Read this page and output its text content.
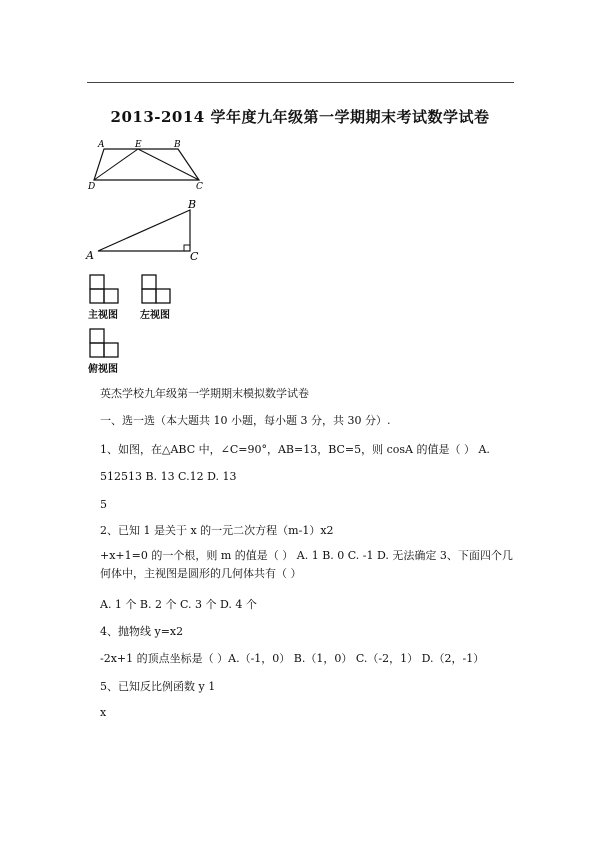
2013-2014 学年度九年级第一学期期末考试数学试卷
A	E	B
D	C
A
B
C
主视图 左视图
俯视图
英杰学校九年级第一学期期末模拟数学试卷
一、选一选（本大题共 10 小题，每小题 3 分，共 30 分）.
1、如图，在△ABC 中，∠C=90°，AB=13，BC=5，则 cosA 的值是（ ） A.
512513 B. 13 C.12 D. 13
5
2、已知 1 是关于 x 的一元二次方程（m-1）x2
+x+1=0 的一个根，则 m 的值是（ ） A. 1 B. 0 C. -1 D. 无法确定 3、下面四个几何体中，主视图是圆形的几何体共有（ ）
A. 1 个 B. 2 个 C. 3 个 D. 4 个
4、抛物线 y=x2
-2x+1 的顶点坐标是（ ）A.（-1，0） B.（1，0） C.（-2，1） D.（2，-1）
5、已知反比例函数 y 1
x
